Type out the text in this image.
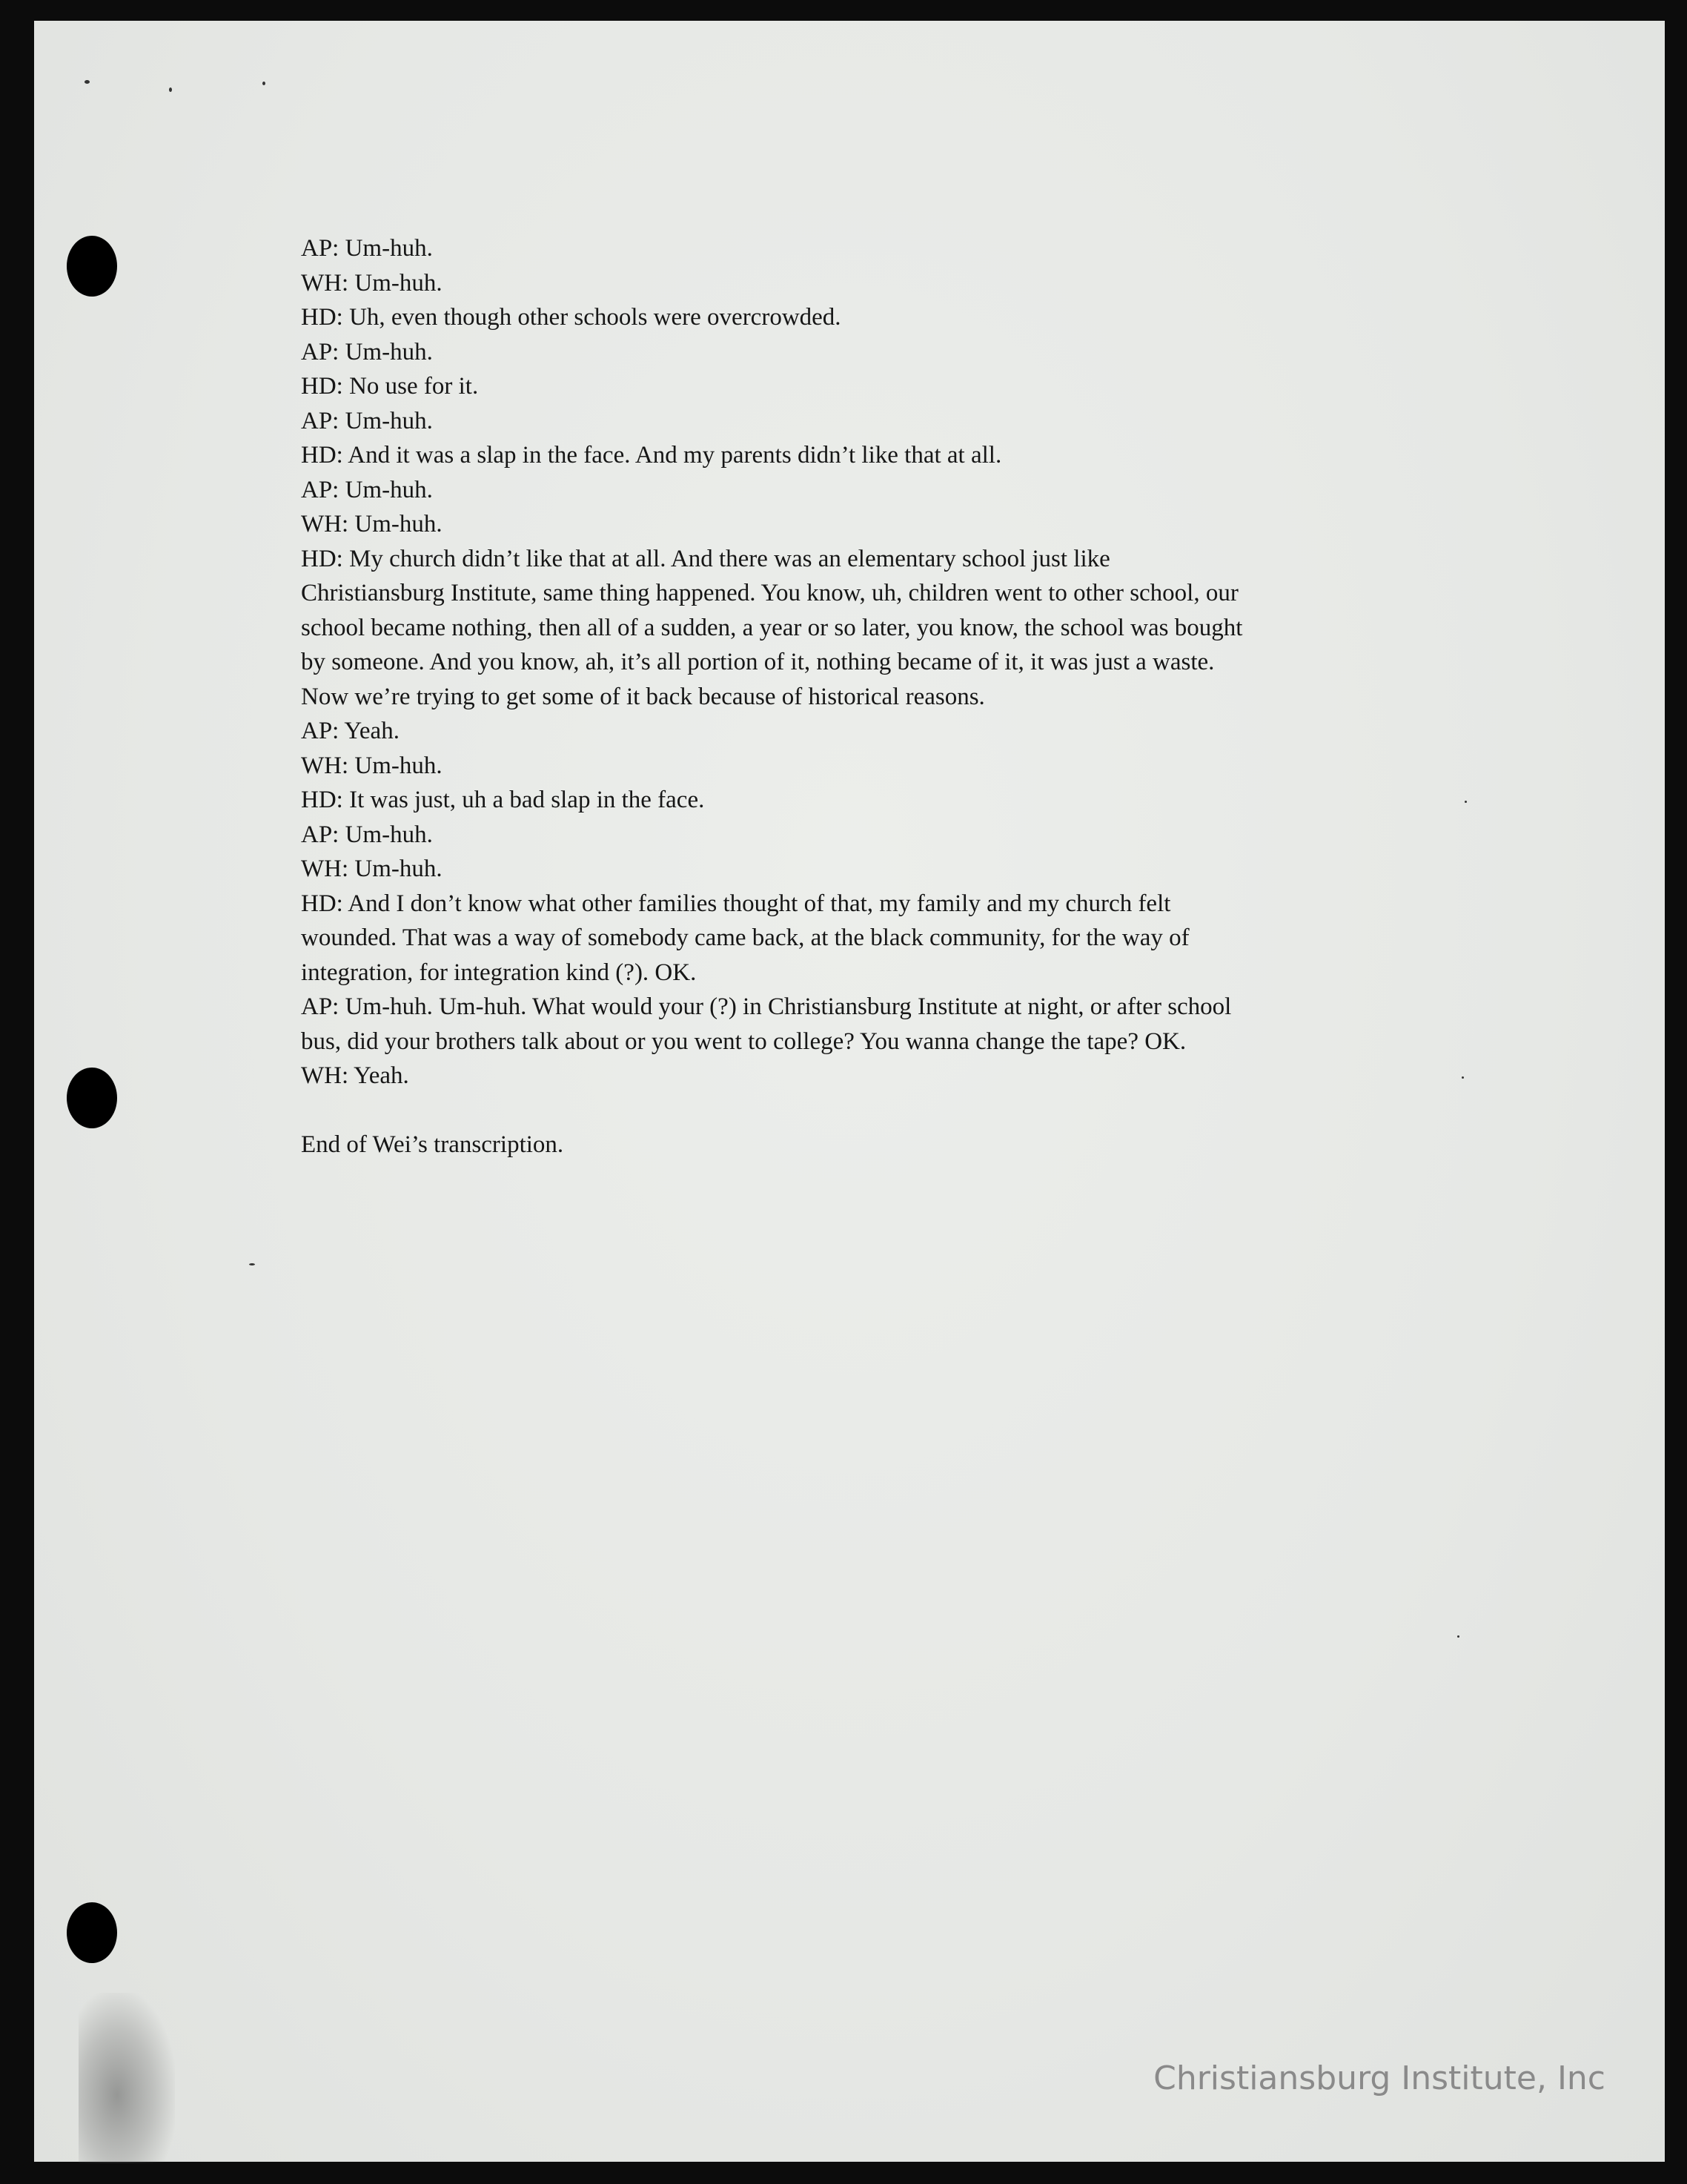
AP: Um-huh.

WH: Um-huh.

HD: Uh, even though other schools were overcrowded.

AP: Um-huh.

HD: No use for it.

AP: Um-huh.

HD: And it was a slap in the face. And my parents didn’t like that at all.

AP: Um-huh.

WH: Um-huh.

HD: My church didn’t like that at all. And there was an elementary school just like

Christiansburg Institute, same thing happened. You know, uh, children went to other school, our

school became nothing, then all of a sudden, a year or so later, you know, the school was bought

by someone. And you know, ah, it’s all portion of it, nothing became of it, it was just a waste.

Now we’re trying to get some of it back because of historical reasons.

AP: Yeah.

WH: Um-huh.

HD: It was just, uh a bad slap in the face.

AP: Um-huh.

WH: Um-huh.

HD: And I don’t know what other families thought of that, my family and my church felt

wounded. That was a way of somebody came back, at the black community, for the way of

integration, for integration kind (?). OK.

AP: Um-huh. Um-huh. What would your (?) in Christiansburg Institute at night, or after school

bus, did your brothers talk about or you went to college? You wanna change the tape? OK.

WH: Yeah.

End of Wei’s transcription.

Christiansburg Institute, Inc
